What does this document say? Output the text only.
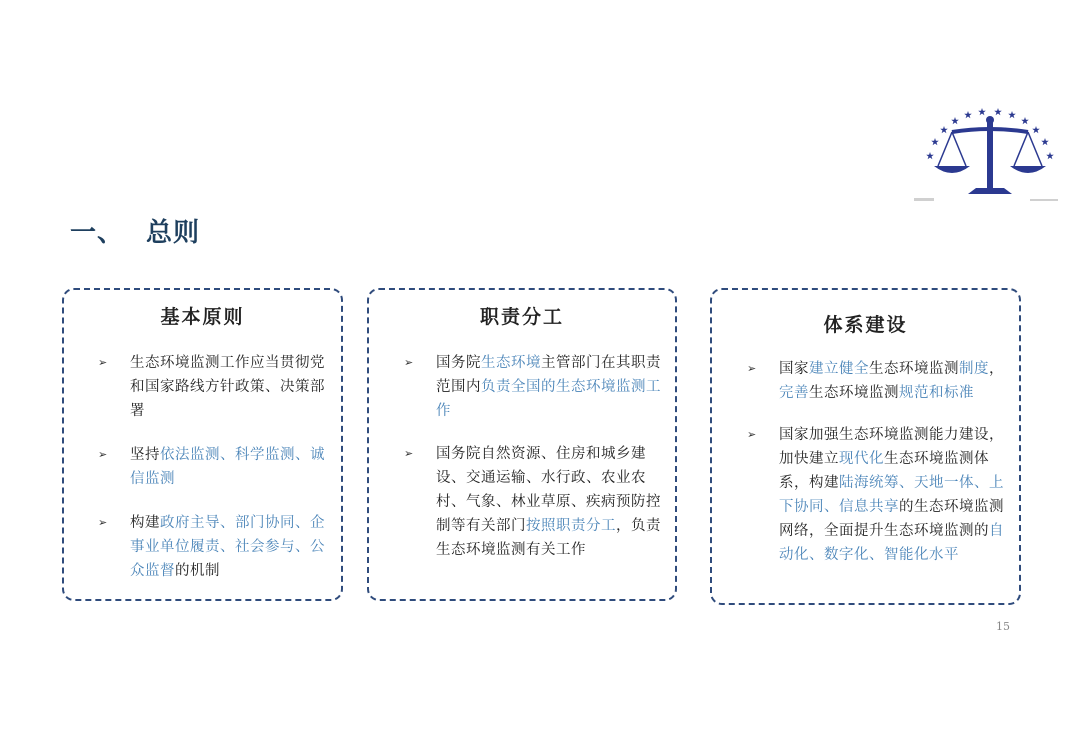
一、 总则
基本原则
➢ 生态环境监测工作应当贯彻党和国家路线方针政策、决策部署
➢ 坚持依法监测、科学监测、诚信监测
➢ 构建政府主导、部门协同、企事业单位履责、社会参与、公众监督的机制
职责分工
➢ 国务院生态环境主管部门在其职责范围内负责全国的生态环境监测工作
➢ 国务院自然资源、住房和城乡建设、交通运输、水行政、农业农村、气象、林业草原、疾病预防控制等有关部门按照职责分工，负责生态环境监测有关工作
体系建设
➢ 国家建立健全生态环境监测制度，完善生态环境监测规范和标准
➢ 国家加强生态环境监测能力建设，加快建立现代化生态环境监测体系，构建陆海统筹、天地一体、上下协同、信息共享的生态环境监测网络，全面提升生态环境监测的自动化、数字化、智能化水平
15
